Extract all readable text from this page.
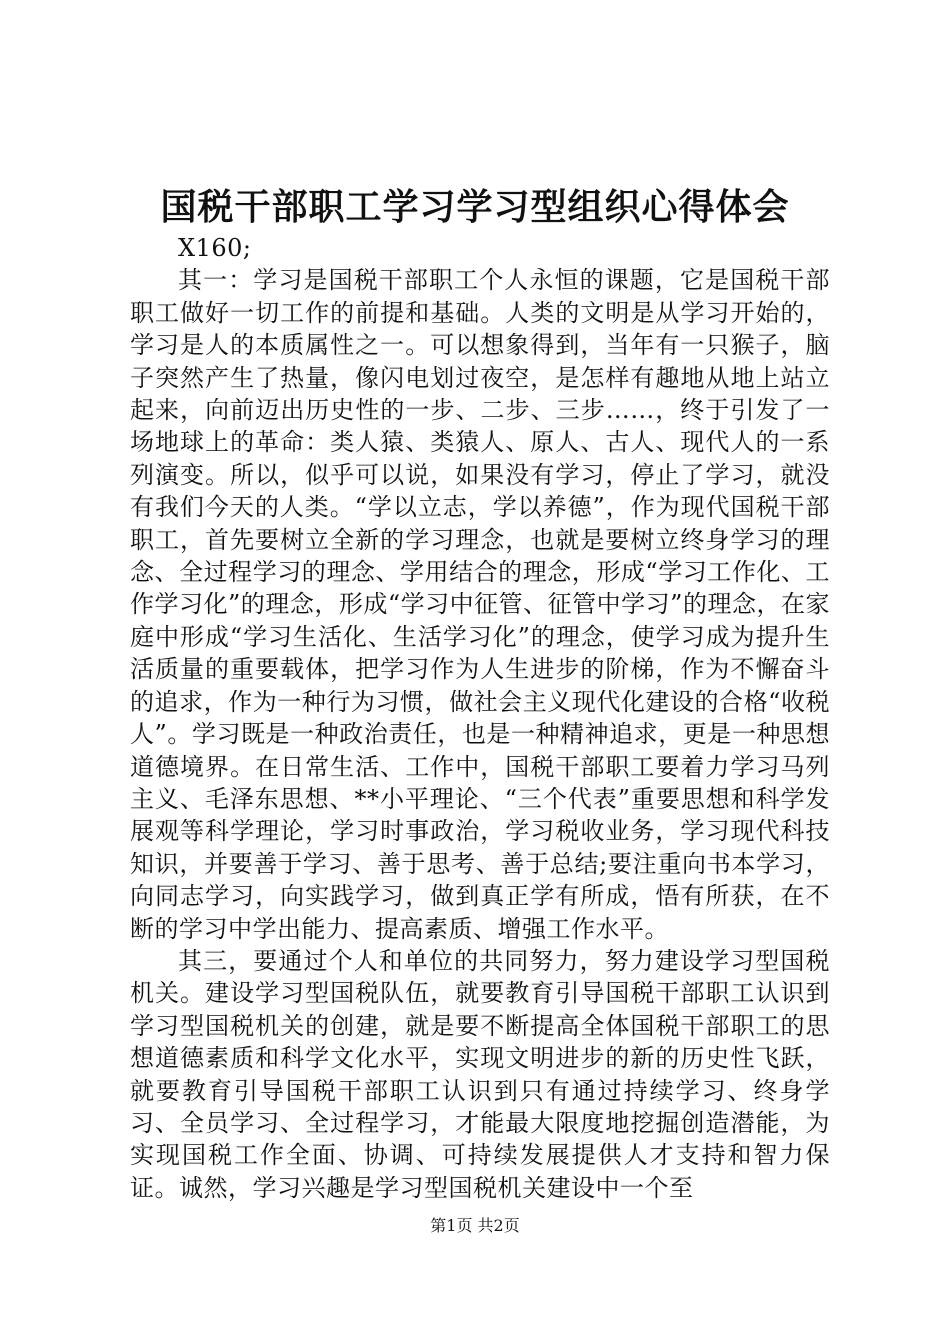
国税干部职工学习学习型组织心得体会

X160;

其一：学习是国税干部职工个人永恒的课题，它是国税干部职工做好一切工作的前提和基础。人类的文明是从学习开始的，学习是人的本质属性之一。可以想象得到，当年有一只猴子，脑子突然产生了热量，像闪电划过夜空，是怎样有趣地从地上站立起来，向前迈出历史性的一步、二步、三步……，终于引发了一场地球上的革命：类人猿、类猿人、原人、古人、现代人的一系列演变。所以，似乎可以说，如果没有学习，停止了学习，就没有我们今天的人类。“学以立志，学以养德”，作为现代国税干部职工，首先要树立全新的学习理念，也就是要树立终身学习的理念、全过程学习的理念、学用结合的理念，形成“学习工作化、工作学习化”的理念，形成“学习中征管、征管中学习”的理念，在家庭中形成“学习生活化、生活学习化”的理念，使学习成为提升生活质量的重要载体，把学习作为人生进步的阶梯，作为不懈奋斗的追求，作为一种行为习惯，做社会主义现代化建设的合格“收税人”。学习既是一种政治责任，也是一种精神追求，更是一种思想道德境界。在日常生活、工作中，国税干部职工要着力学习马列主义、毛泽东思想、**小平理论、“三个代表”重要思想和科学发展观等科学理论，学习时事政治，学习税收业务，学习现代科技知识，并要善于学习、善于思考、善于总结;要注重向书本学习，向同志学习，向实践学习，做到真正学有所成，悟有所获，在不断的学习中学出能力、提高素质、增强工作水平。

其三，要通过个人和单位的共同努力，努力建设学习型国税机关。建设学习型国税队伍，就要教育引导国税干部职工认识到学习型国税机关的创建，就是要不断提高全体国税干部职工的思想道德素质和科学文化水平，实现文明进步的新的历史性飞跃，就要教育引导国税干部职工认识到只有通过持续学习、终身学习、全员学习、全过程学习，才能最大限度地挖掘创造潜能，为实现国税工作全面、协调、可持续发展提供人才支持和智力保证。诚然，学习兴趣是学习型国税机关建设中一个至

第1页 共2页
